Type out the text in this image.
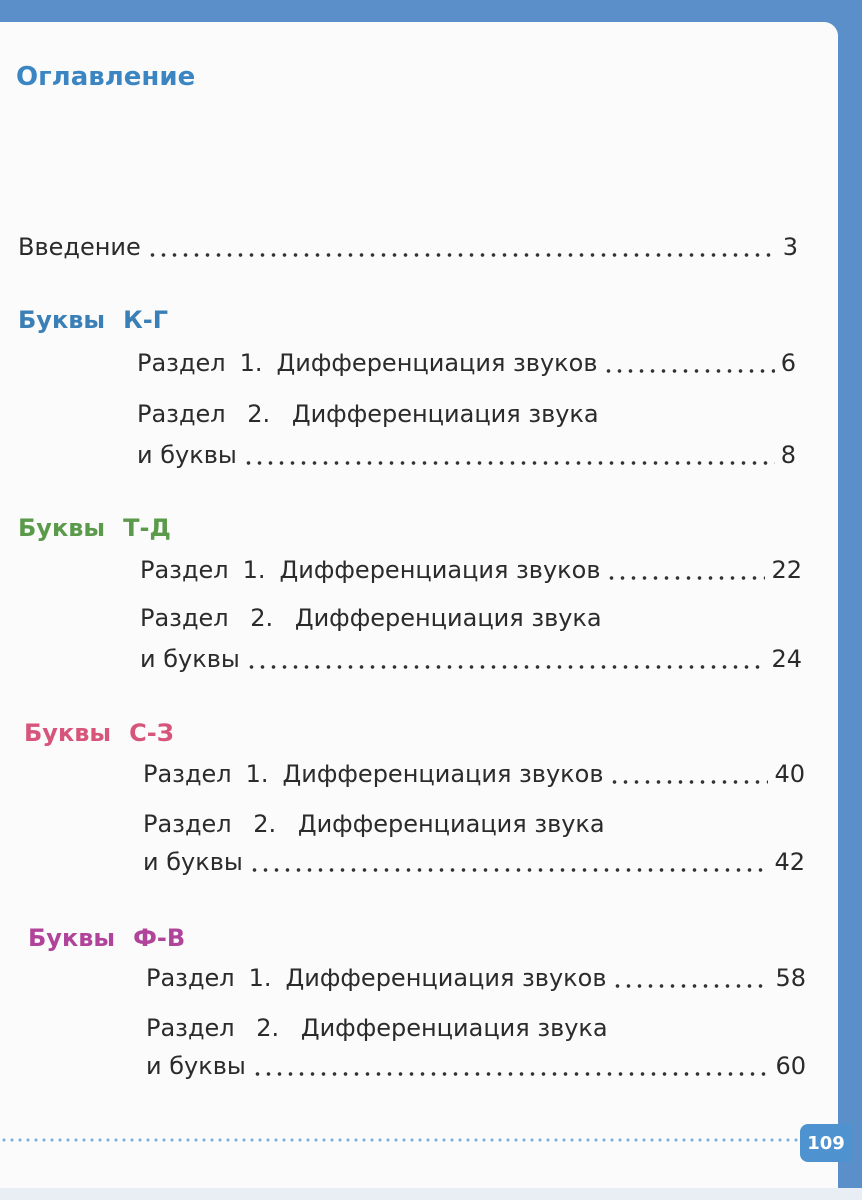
Оглавление
Введение	3
Буквы К-Г
Раздел 1. Дифференциация звуков	6
Раздел 2. Дифференциация звука
и буквы	8
Буквы Т-Д
Раздел 1. Дифференциация звуков	22
Раздел 2. Дифференциация звука
и буквы	24
Буквы С-З
Раздел 1. Дифференциация звуков	40
Раздел 2. Дифференциация звука
и буквы	42
Буквы Ф-В
Раздел 1. Дифференциация звуков	58
Раздел 2. Дифференциация звука
и буквы	60
109
